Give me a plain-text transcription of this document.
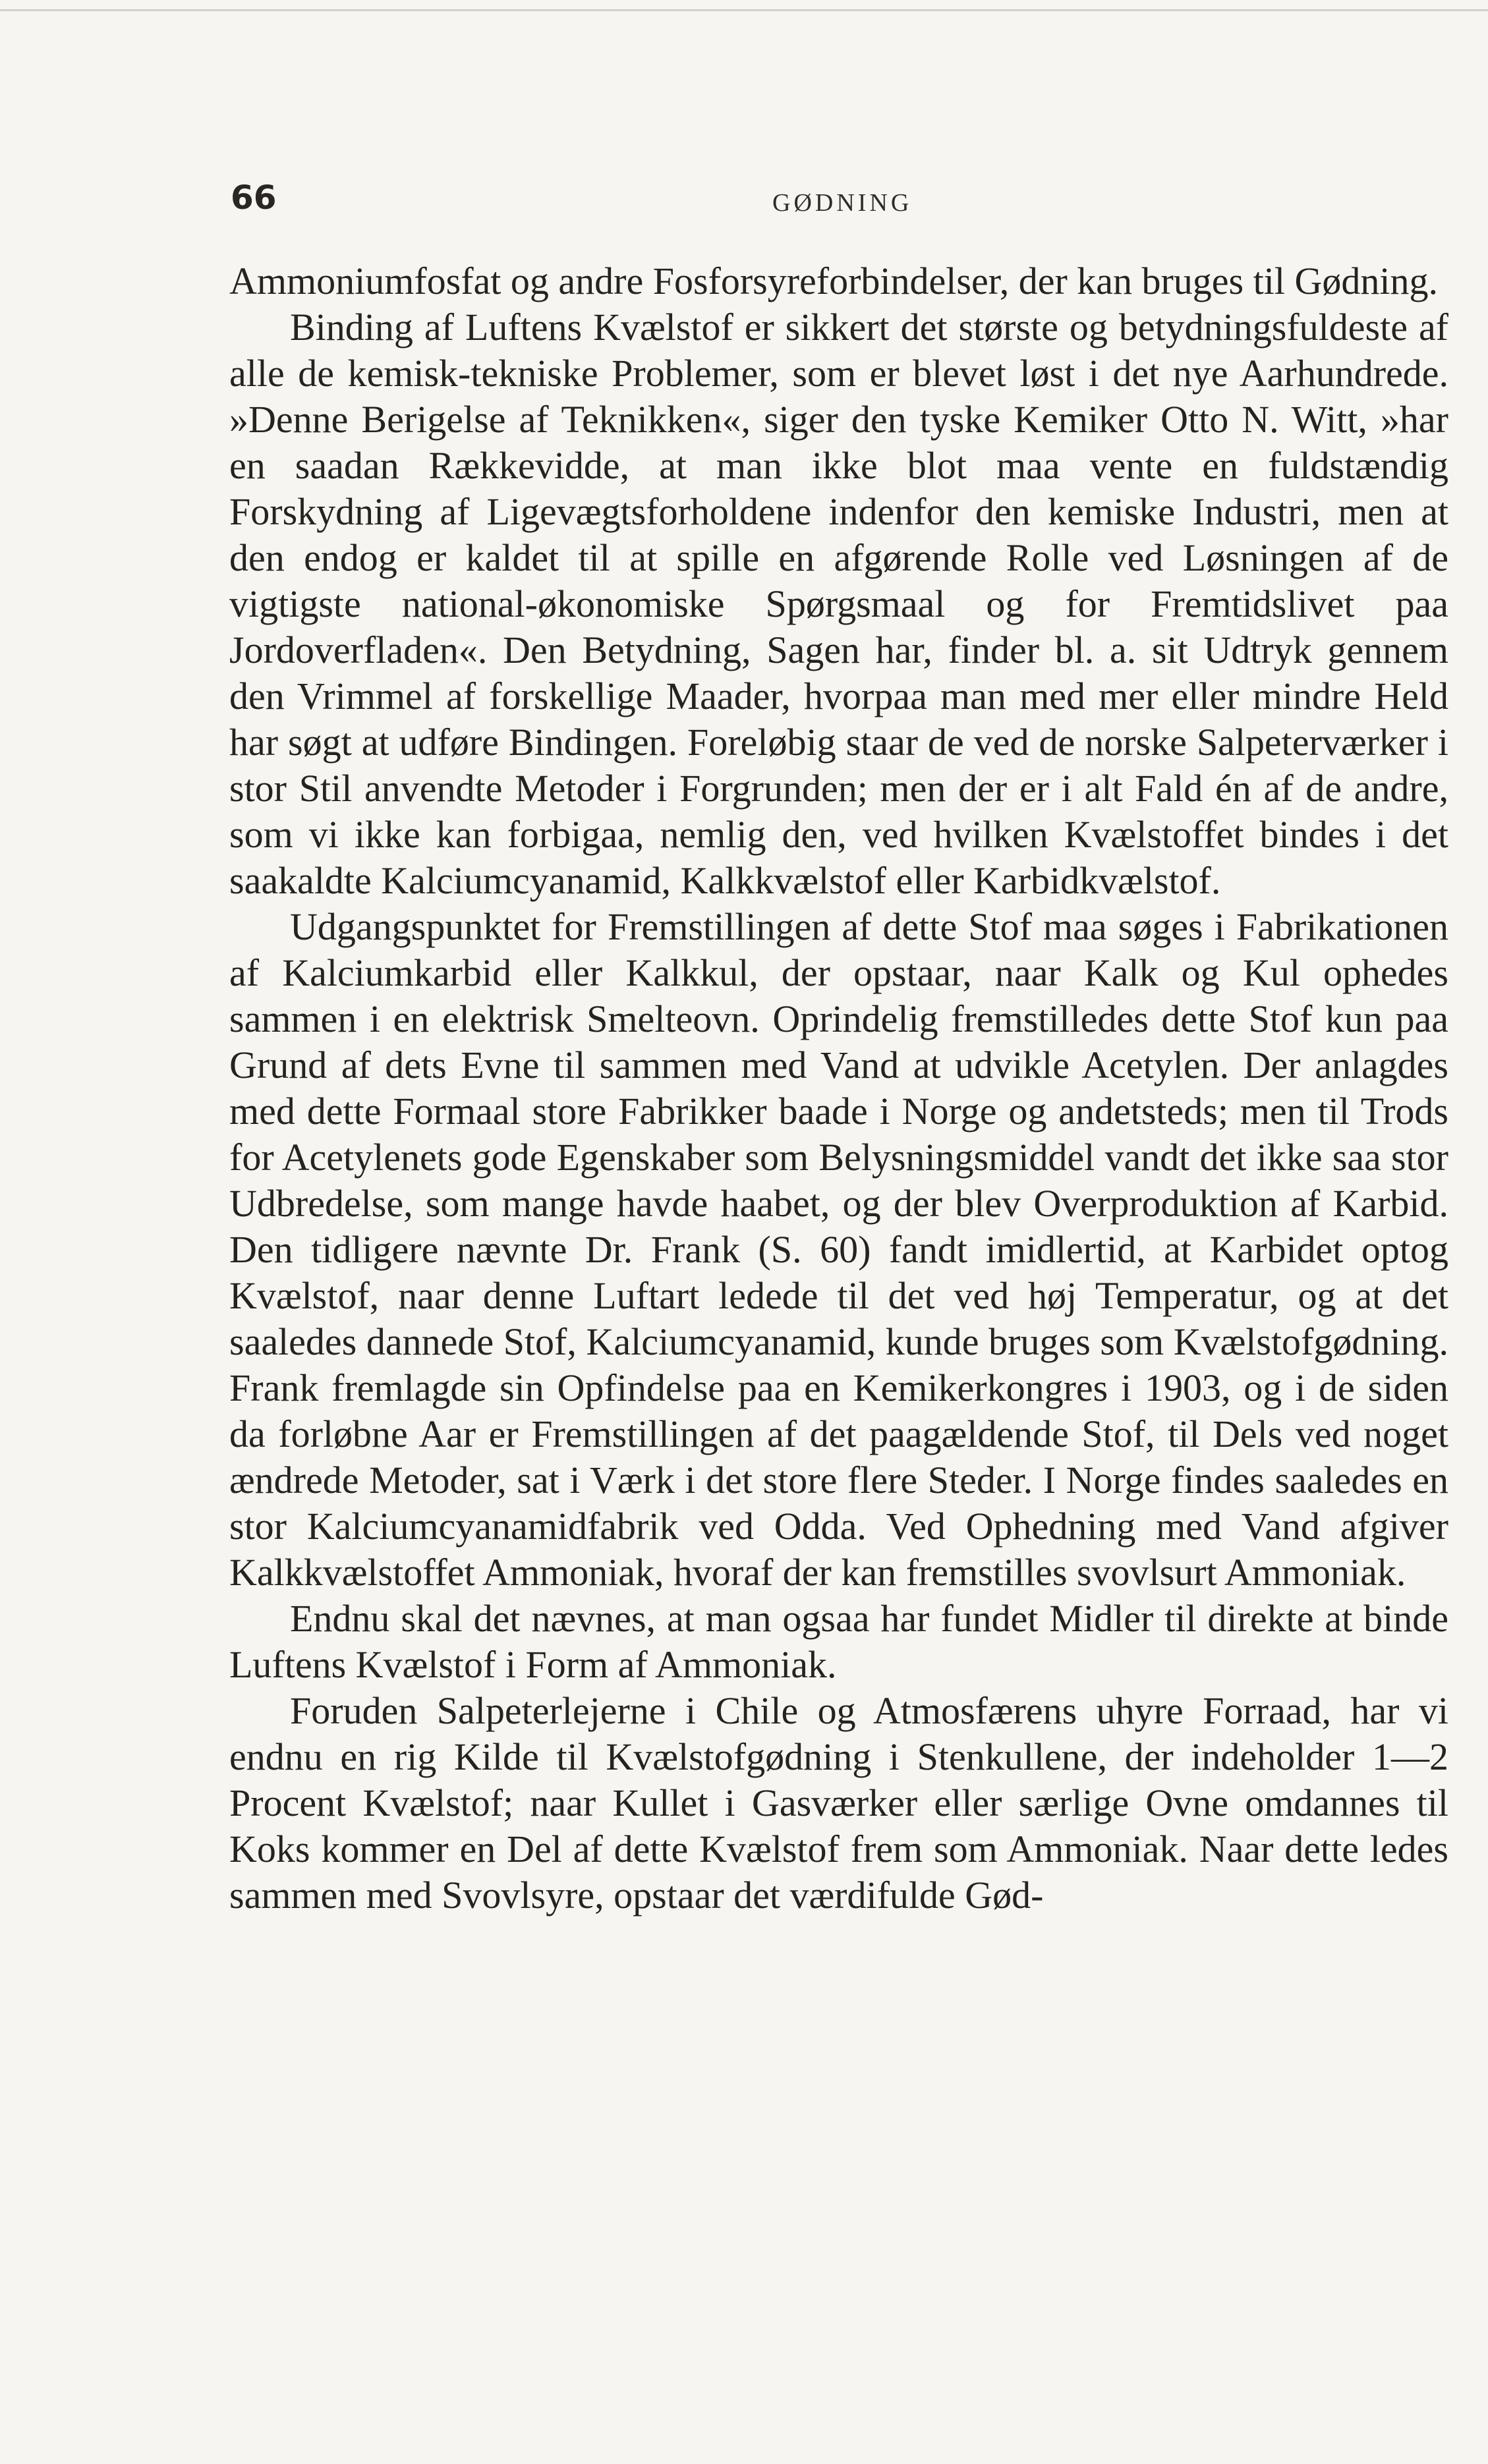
66	GØDNING

Ammoniumfosfat og andre Fosforsyreforbindelser, der kan bruges til Gødning.

Binding af Luftens Kvælstof er sikkert det største og betydningsfuldeste af alle de kemisk-tekniske Problemer, som er blevet løst i det nye Aarhundrede. »Denne Berigelse af Teknikken«, siger den tyske Kemiker Otto N. Witt, »har en saadan Rækkevidde, at man ikke blot maa vente en fuldstændig Forskydning af Ligevægtsforholdene indenfor den kemiske Industri, men at den endog er kaldet til at spille en afgørende Rolle ved Løsningen af de vigtigste national-økonomiske Spørgsmaal og for Fremtidslivet paa Jordoverfladen«. Den Betydning, Sagen har, finder bl. a. sit Udtryk gennem den Vrimmel af forskellige Maader, hvorpaa man med mer eller mindre Held har søgt at udføre Bindingen. Foreløbig staar de ved de norske Salpeterværker i stor Stil anvendte Metoder i Forgrunden; men der er i alt Fald én af de andre, som vi ikke kan forbigaa, nemlig den, ved hvilken Kvælstoffet bindes i det saakaldte Kalciumcyanamid, Kalkkvælstof eller Karbidkvælstof.

Udgangspunktet for Fremstillingen af dette Stof maa søges i Fabrikationen af Kalciumkarbid eller Kalkkul, der opstaar, naar Kalk og Kul ophedes sammen i en elektrisk Smelteovn. Oprindelig fremstilledes dette Stof kun paa Grund af dets Evne til sammen med Vand at udvikle Acetylen. Der anlagdes med dette Formaal store Fabrikker baade i Norge og andetsteds; men til Trods for Acetylenets gode Egenskaber som Belysningsmiddel vandt det ikke saa stor Udbredelse, som mange havde haabet, og der blev Overproduktion af Karbid. Den tidligere nævnte Dr. Frank (S. 60) fandt imidlertid, at Karbidet optog Kvælstof, naar denne Luftart ledede til det ved høj Temperatur, og at det saaledes dannede Stof, Kalciumcyanamid, kunde bruges som Kvælstofgødning. Frank fremlagde sin Opfindelse paa en Kemikerkongres i 1903, og i de siden da forløbne Aar er Fremstillingen af det paagældende Stof, til Dels ved noget ændrede Metoder, sat i Værk i det store flere Steder. I Norge findes saaledes en stor Kalciumcyanamidfabrik ved Odda. Ved Ophedning med Vand afgiver Kalkkvælstoffet Ammoniak, hvoraf der kan fremstilles svovlsurt Ammoniak.

Endnu skal det nævnes, at man ogsaa har fundet Midler til direkte at binde Luftens Kvælstof i Form af Ammoniak.

Foruden Salpeterlejerne i Chile og Atmosfærens uhyre Forraad, har vi endnu en rig Kilde til Kvælstofgødning i Stenkullene, der indeholder 1—2 Procent Kvælstof; naar Kullet i Gasværker eller særlige Ovne omdannes til Koks kommer en Del af dette Kvælstof frem som Ammoniak. Naar dette ledes sammen med Svovlsyre, opstaar det værdifulde Gød-
